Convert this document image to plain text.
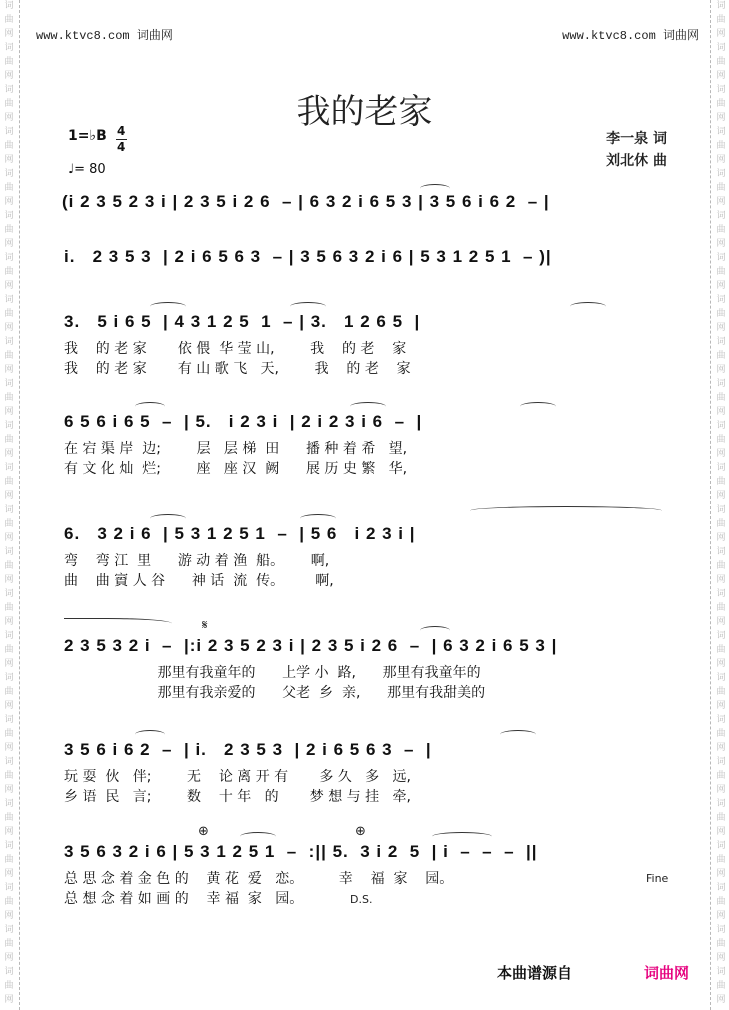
词
曲
网
词
曲
网
词
曲
网
词
曲
网
词
曲
网
词
曲
网
词
曲
网
词
曲
网
词
曲
网
词
曲
网
词
曲
网
词
曲
网
词
曲
网
词
曲
网
词
曲
网
词
曲
网
词
曲
网
词
曲
网
词
曲
网
词
曲
网
词
曲
网
词
曲
网
词
曲
网
词
曲
网
词
曲
网
词
曲
网
词
曲
网
词
曲
网
词
曲
网
词
曲
网
词
曲
网
词
曲
网
词
曲
网
词
曲
网
词
曲
网
词
曲
网
词
曲
网
词
曲
网
词
曲
网
词
曲
网
词
曲
网
词
曲
网
词
曲
网
词
曲
网
词
曲
网
词
曲
网
词
曲
网
词
曲
网
www.ktvc8.com 词曲网	www.ktvc8.com 词曲网
我的老家
1=♭B 4
4
♩= 80
李一泉 词
刘北休 曲
(i 2 3 5 2 3 i | 2 3 5 i 2 6  – | 6 3 2 i 6 5 3 | 3 5 6 i 6 2  – |
i.   2 3 5 3  | 2 i 6 5 6 3  – | 3 5 6 3 2 i 6 | 5 3 1 2 5 1  – )|
3.   5 i 6 5  | 4 3 1 2 5  1  – | 3.   1 2 6 5  |
我    的 老 家       依 偎  华 莹 山,        我    的 老    家
我    的 老 家       有 山 歌 飞   天,        我    的 老    家
6 5 6 i 6 5  –  | 5.   i 2 3 i  | 2 i 2 3 i 6  –  |
在 宕 渠 岸  边;        层   层 梯  田      播 种 着 希   望,
有 文 化 灿  烂;        座   座 汉  阙      展 历 史 繁   华,
6.   3 2 i 6  | 5 3 1 2 5 1  –  | 5 6   i 2 3 i |
弯    弯 江  里      游 动 着 渔  船。      啊,
曲    曲 賨 人 谷      神 话  流  传。       啊,
𝄋
2 3 5 3 2 i  –  |:i 2 3 5 2 3 i | 2 3 5 i 2 6  –  | 6 3 2 i 6 5 3 |
那里有我童年的      上学 小  路,      那里有我童年的
那里有我亲爱的      父老  乡  亲,      那里有我甜美的
3 5 6 i 6 2  –  | i.   2 3 5 3  | 2 i 6 5 6 3  –  |
玩 耍  伙   伴;        无    论 离 开 有       多 久   多   远,
乡 语  民   言;        数    十 年   的       梦 想 与 挂   牵,
⊕	⊕
3 5 6 3 2 i 6 | 5 3 1 2 5 1  –  :|| 5.  3 i 2  5  | i  –  –  –  ||
总 思 念 着 金 色 的    黄 花  爱   恋。        幸    福  家    园。
总 想 念 着 如 画 的    幸 福  家   园。
Fine
D.S.
本曲谱源自	词曲网
